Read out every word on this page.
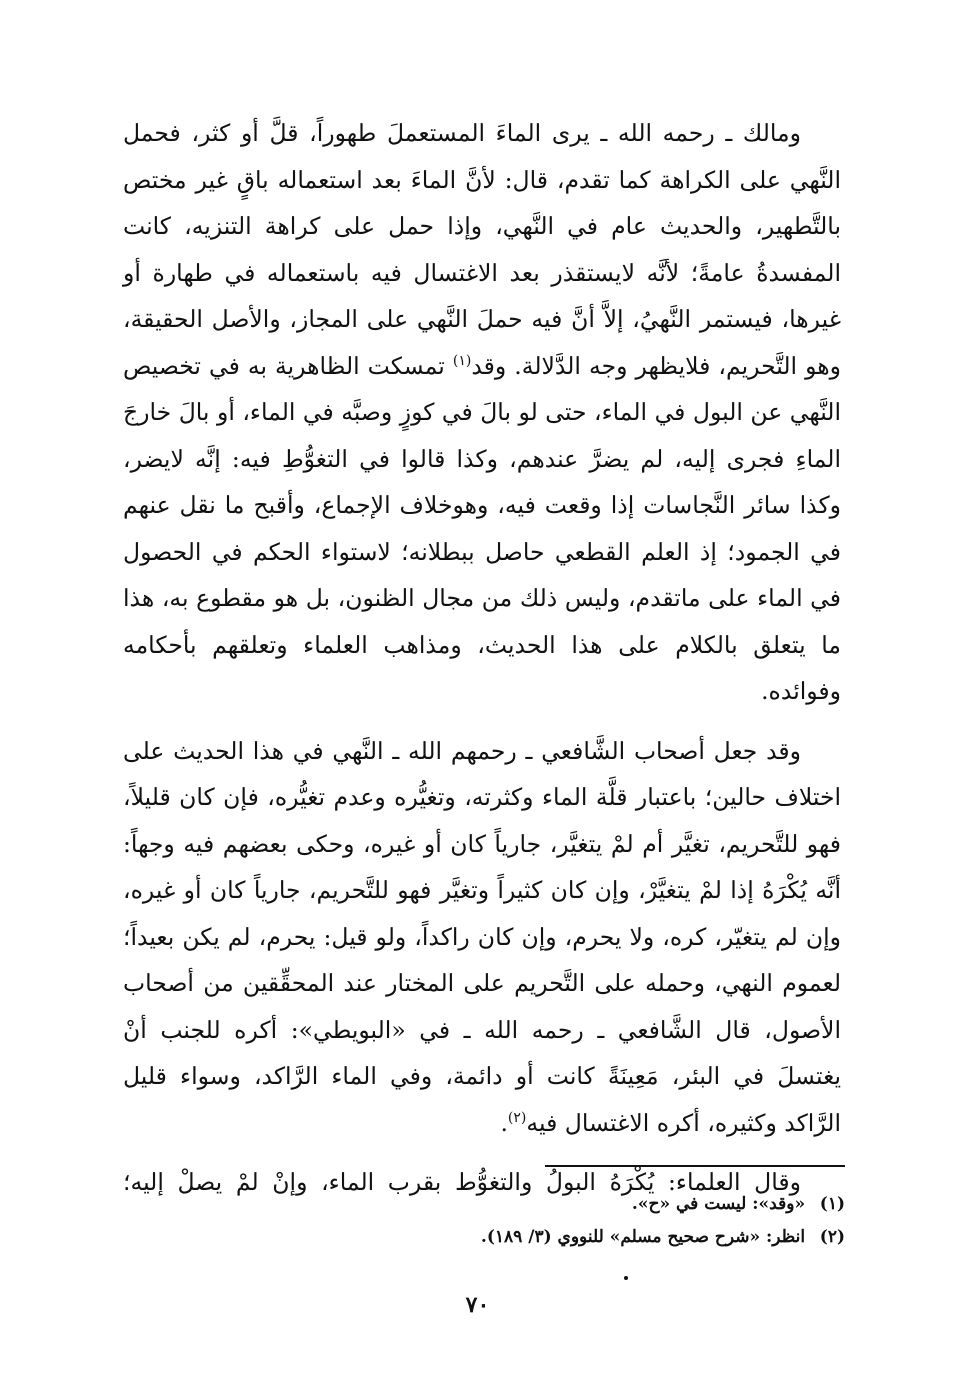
ومالك ـ رحمه الله ـ يرى الماءَ المستعملَ طهوراً، قلَّ أو كثر، فحمل النَّهي على الكراهة كما تقدم، قال: لأنَّ الماءَ بعد استعماله باقٍ غير مختص بالتَّطهير، والحديث عام في النَّهي، وإذا حمل على كراهة التنزيه، كانت المفسدةُ عامةً؛ لأنَّه لايستقذر بعد الاغتسال فيه باستعماله في طهارة أو غيرها، فيستمر النَّهيُ، إلاَّ أنَّ فيه حملَ النَّهي على المجاز، والأصل الحقيقة، وهو التَّحريم، فلايظهر وجه الدَّلالة. وقد$^{(١)}$ تمسكت الظاهرية به في تخصيص النَّهي عن البول في الماء، حتى لو بالَ في كوزٍ وصبَّه في الماء، أو بالَ خارجَ الماءِ فجرى إليه، لم يضرَّ عندهم، وكذا قالوا في التغوُّطِ فيه: إنَّه لايضر، وكذا سائر النَّجاسات إذا وقعت فيه، وهوخلاف الإجماع، وأقبح ما نقل عنهم في الجمود؛ إذ العلم القطعي حاصل ببطلانه؛ لاستواء الحكم في الحصول في الماء على ماتقدم، وليس ذلك من مجال الظنون، بل هو مقطوع به، هذا ما يتعلق بالكلام على هذا الحديث، ومذاهب العلماء وتعلقهم بأحكامه وفوائده.

وقد جعل أصحاب الشَّافعي ـ رحمهم الله ـ النَّهي في هذا الحديث على اختلاف حالين؛ باعتبار قلَّة الماء وكثرته، وتغيُّره وعدم تغيُّره، فإن كان قليلاً، فهو للتَّحريم، تغيَّر أم لمْ يتغيَّر، جارياً كان أو غيره، وحكى بعضهم فيه وجهاً: أنَّه يُكْرَهُ إذا لمْ يتغيَّرْ، وإن كان كثيراً وتغيَّر فهو للتَّحريم، جارياً كان أو غيره، وإن لم يتغيّر، كره، ولا يحرم، وإن كان راكداً، ولو قيل: يحرم، لم يكن بعيداً؛ لعموم النهي، وحمله على التَّحريم على المختار عند المحقِّقين من أصحاب الأصول، قال الشَّافعي ـ رحمه الله ـ في «البويطي»: أكره للجنب أنْ يغتسلَ في البئر، مَعِينَةً كانت أو دائمة، وفي الماء الرَّاكد، وسواء قليل الرَّاكد وكثيره، أكره الاغتسال فيه$^{(٢)}$.

وقال العلماء: يُكْرَهُ البولُ والتغوُّط بقرب الماء، وإنْ لمْ يصلْ إليه؛

(١) «وقد»: ليست في «ح».
(٢) انظر: «شرح صحيح مسلم» للنووي (٣/ ١٨٩).
٧٠
